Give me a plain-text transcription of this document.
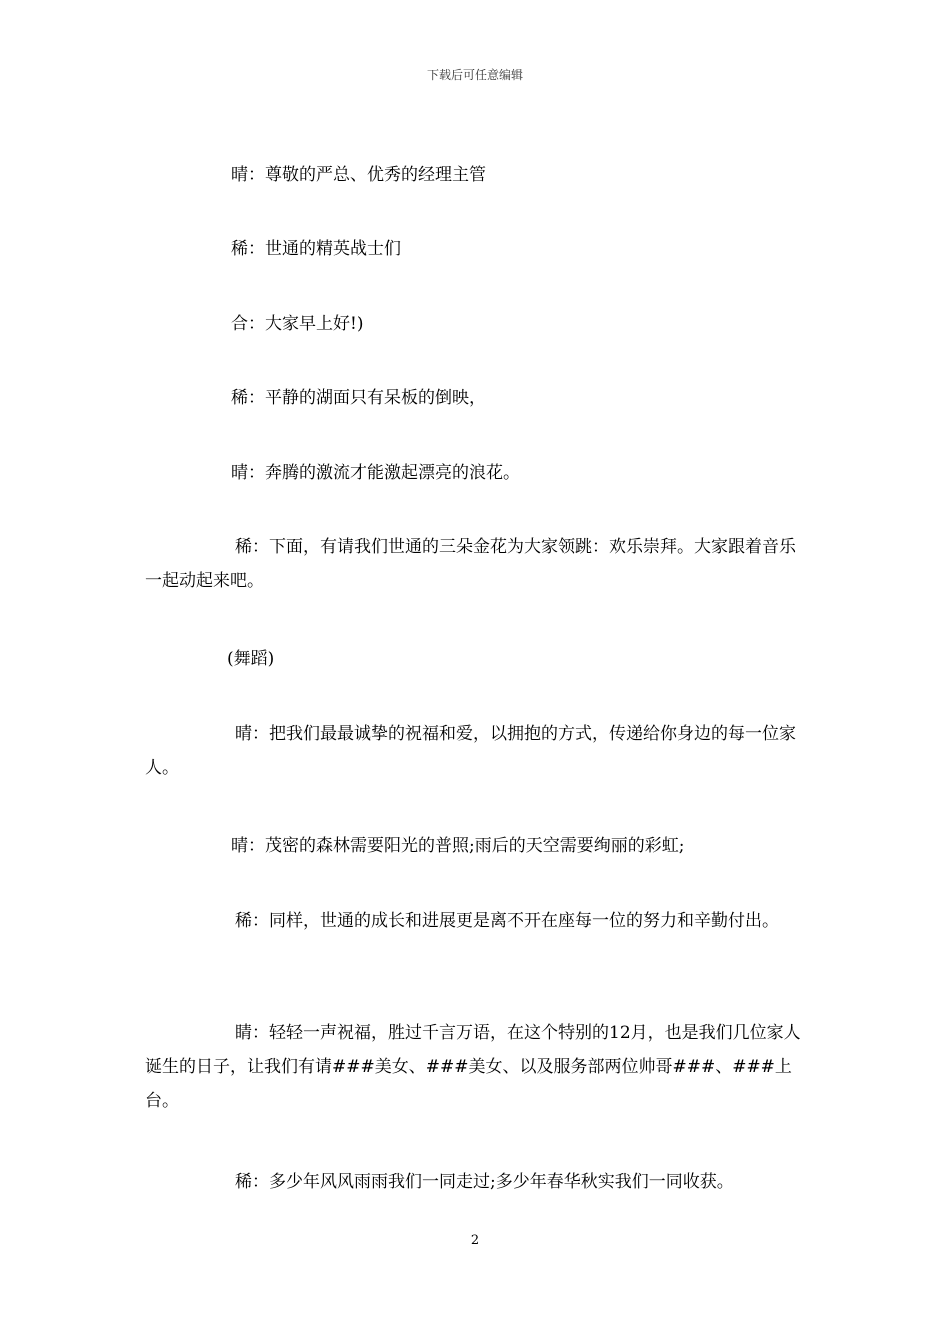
下载后可任意编辑

晴：尊敬的严总、优秀的经理主管

稀：世通的精英战士们

合：大家早上好!)

稀：平静的湖面只有呆板的倒映，

晴：奔腾的激流才能激起漂亮的浪花。

稀：下面，有请我们世通的三朵金花为大家领跳：欢乐崇拜。大家跟着音乐一起动起来吧。

(舞蹈)

晴：把我们最最诚挚的祝福和爱，以拥抱的方式，传递给你身边的每一位家人。

晴：茂密的森林需要阳光的普照;雨后的天空需要绚丽的彩虹;

稀：同样，世通的成长和进展更是离不开在座每一位的努力和辛勤付出。

睛：轻轻一声祝福，胜过千言万语，在这个特别的12月，也是我们几位家人诞生的日子，让我们有请###美女、###美女、以及服务部两位帅哥###、###上台。

稀：多少年风风雨雨我们一同走过;多少年春华秋实我们一同收获。

2
